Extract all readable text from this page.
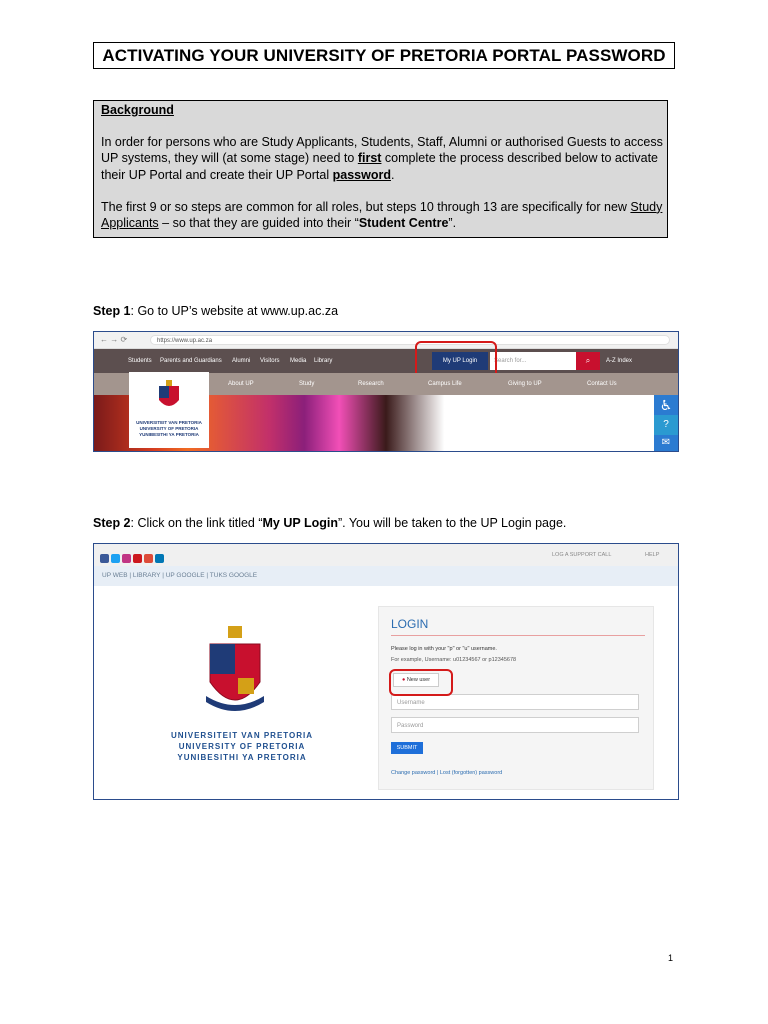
ACTIVATING YOUR UNIVERSITY OF PRETORIA PORTAL PASSWORD

Background

In order for persons who are Study Applicants, Students, Staff, Alumni or authorised Guests to access UP systems, they will (at some stage) need to first complete the process described below to activate their UP Portal and create their UP Portal password.

The first 9 or so steps are common for all roles, but steps 10 through 13 are specifically for new Study Applicants – so that they are guided into their “Student Centre”.

Step 1: Go to UP’s website at www.up.ac.za
← → ⟳	https://www.up.ac.za
Students Parents and Guardians Alumni Visitors Media Library	My UP Login	Search for...	⌕	A-Z Index
About UP	Study	Research	Campus Life	Giving to UP	Contact Us
UNIVERSITEIT VAN PRETORIA
UNIVERSITY OF PRETORIA
YUNIBESITHI YA PRETORIA
♿
?
✉
Step 2: Click on the link titled “My UP Login”. You will be taken to the UP Login page.
LOG A SUPPORT CALL	HELP
UP WEB | LIBRARY | UP GOOGLE | TUKS GOOGLE
UNIVERSITEIT VAN PRETORIA
UNIVERSITY OF PRETORIA
YUNIBESITHI YA PRETORIA
LOGIN
Please log in with your "p" or "u" username.
For example, Username: u01234567 or p12345678
● New user
Username
Password
SUBMIT
Change password | Lost (forgotten) password
1
